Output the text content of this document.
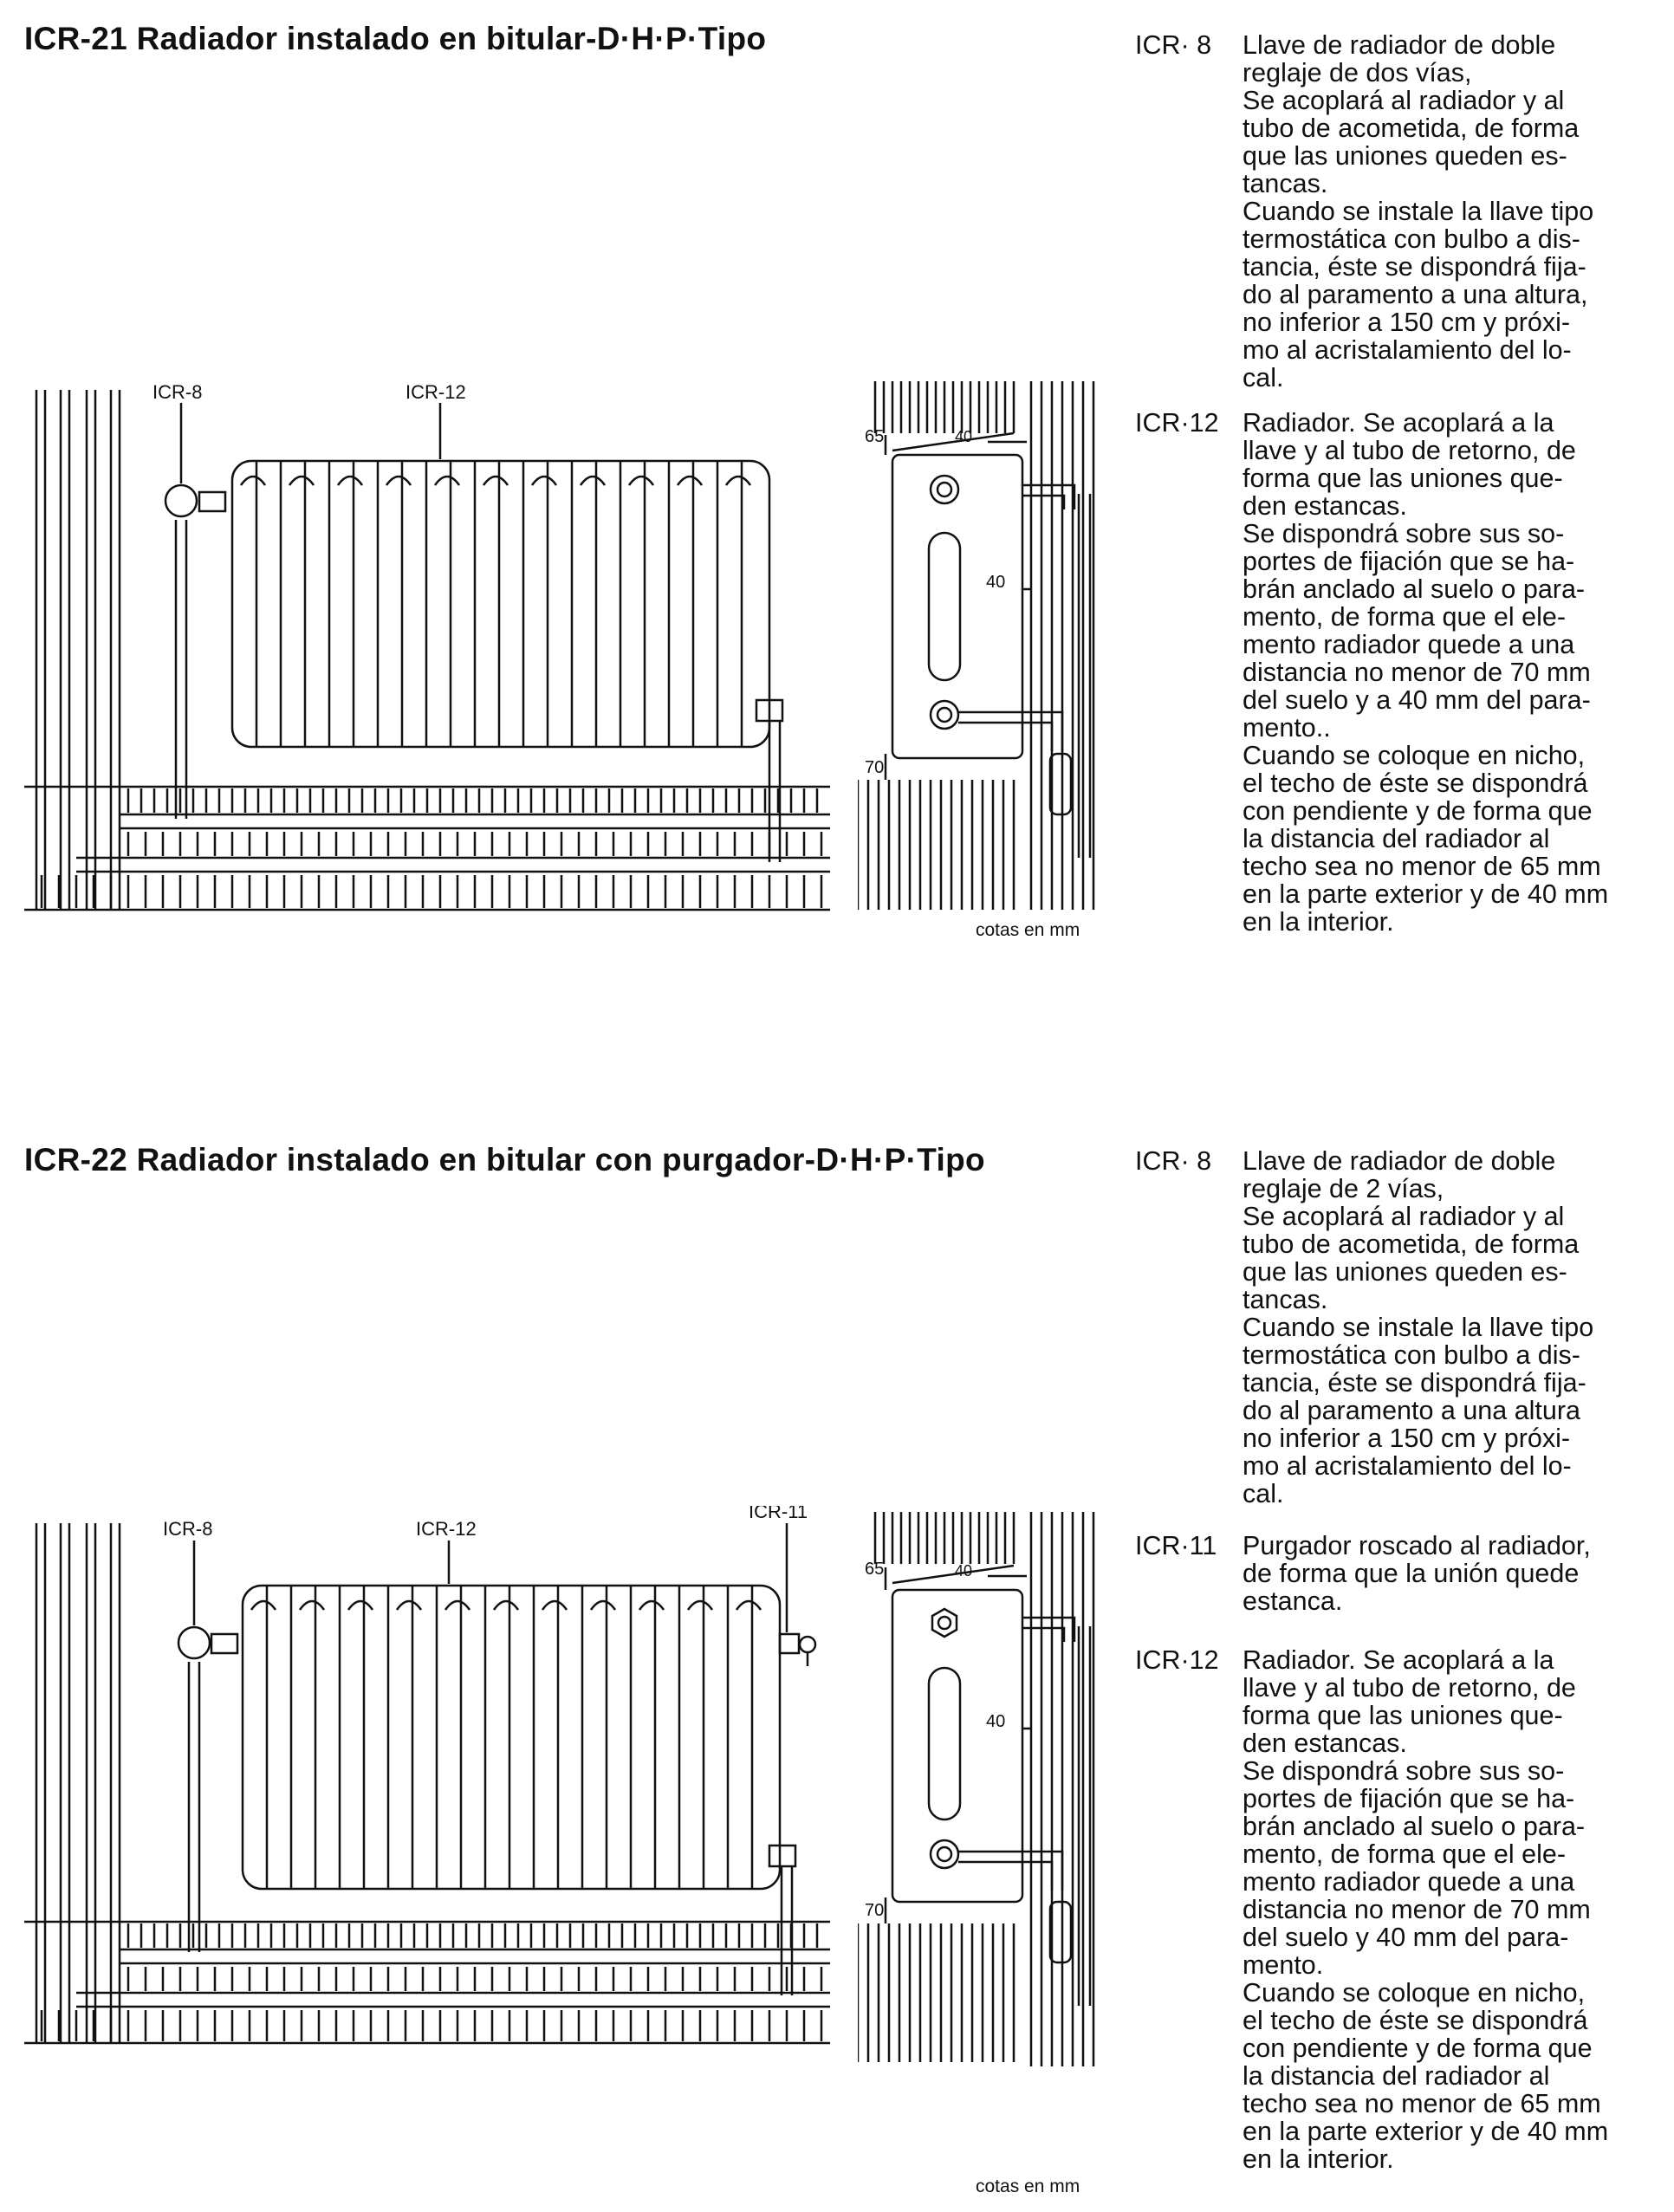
ICR-21 Radiador instalado en bitular-D·H·P·Tipo
ICR-8	ICR-12
65	40
40
70
cotas en mm
ICR· 8	Llave de radiador de doble
reglaje de dos vías,
Se acoplará al radiador y al
tubo de acometida, de forma
que las uniones queden es-
tancas.
Cuando se instale la llave tipo
termostática con bulbo a dis-
tancia, éste se dispondrá fija-
do al paramento a una altura,
no inferior a 150 cm y próxi-
mo al acristalamiento del lo-
cal.
ICR·12 Radiador. Se acoplará a la
llave y al tubo de retorno, de
forma que las uniones que-
den estancas.
Se dispondrá sobre sus so-
portes de fijación que se ha-
brán anclado al suelo o para-
mento, de forma que el ele-
mento radiador quede a una
distancia no menor de 70 mm
del suelo y a 40 mm del para-
mento..
Cuando se coloque en nicho,
el techo de éste se dispondrá
con pendiente y de forma que
la distancia del radiador al
techo sea no menor de 65 mm
en la parte exterior y de 40 mm
en la interior.
ICR-22 Radiador instalado en bitular con purgador-D·H·P·Tipo
ICR-8	ICR-12
ICR-11
65	40
40
70
cotas en mm
ICR· 8	Llave de radiador de doble
reglaje de 2 vías,
Se acoplará al radiador y al
tubo de acometida, de forma
que las uniones queden es-
tancas.
Cuando se instale la llave tipo
termostática con bulbo a dis-
tancia, éste se dispondrá fija-
do al paramento a una altura
no inferior a 150 cm y próxi-
mo al acristalamiento del lo-
cal.
ICR·11 Purgador roscado al radiador,
de forma que la unión quede
estanca.
ICR·12 Radiador. Se acoplará a la
llave y al tubo de retorno, de
forma que las uniones que-
den estancas.
Se dispondrá sobre sus so-
portes de fijación que se ha-
brán anclado al suelo o para-
mento, de forma que el ele-
mento radiador quede a una
distancia no menor de 70 mm
del suelo y 40 mm del para-
mento.
Cuando se coloque en nicho,
el techo de éste se dispondrá
con pendiente y de forma que
la distancia del radiador al
techo sea no menor de 65 mm
en la parte exterior y de 40 mm
en la interior.
